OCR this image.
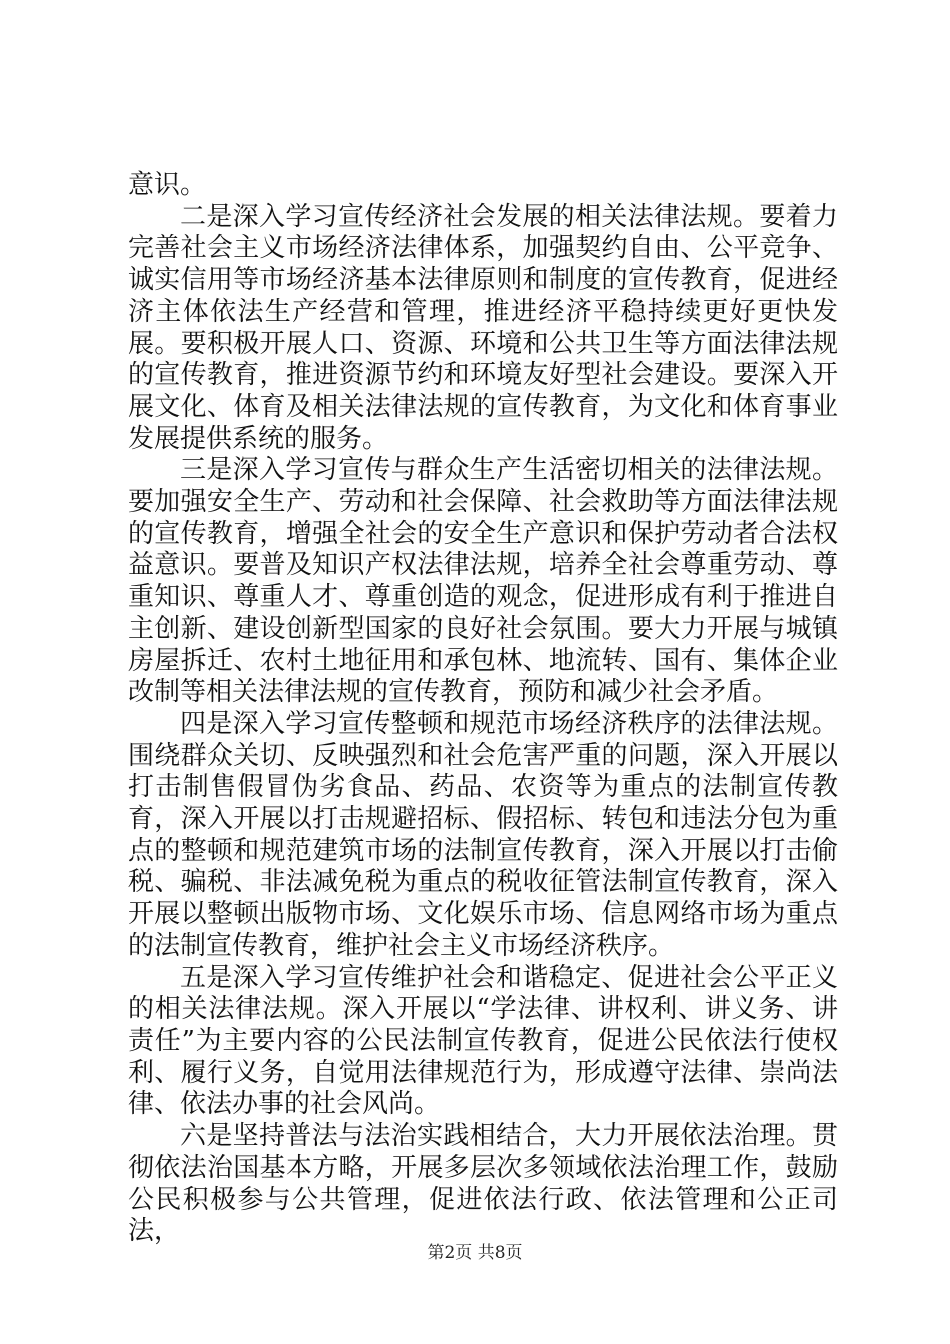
意识。

二是深入学习宣传经济社会发展的相关法律法规。要着力完善社会主义市场经济法律体系，加强契约自由、公平竞争、诚实信用等市场经济基本法律原则和制度的宣传教育，促进经济主体依法生产经营和管理，推进经济平稳持续更好更快发展。要积极开展人口、资源、环境和公共卫生等方面法律法规的宣传教育，推进资源节约和环境友好型社会建设。要深入开展文化、体育及相关法律法规的宣传教育，为文化和体育事业发展提供系统的服务。

三是深入学习宣传与群众生产生活密切相关的法律法规。要加强安全生产、劳动和社会保障、社会救助等方面法律法规的宣传教育，增强全社会的安全生产意识和保护劳动者合法权益意识。要普及知识产权法律法规，培养全社会尊重劳动、尊重知识、尊重人才、尊重创造的观念，促进形成有利于推进自主创新、建设创新型国家的良好社会氛围。要大力开展与城镇房屋拆迁、农村土地征用和承包林、地流转、国有、集体企业改制等相关法律法规的宣传教育，预防和减少社会矛盾。

四是深入学习宣传整顿和规范市场经济秩序的法律法规。围绕群众关切、反映强烈和社会危害严重的问题，深入开展以打击制售假冒伪劣食品、药品、农资等为重点的法制宣传教育，深入开展以打击规避招标、假招标、转包和违法分包为重点的整顿和规范建筑市场的法制宣传教育，深入开展以打击偷税、骗税、非法减免税为重点的税收征管法制宣传教育，深入开展以整顿出版物市场、文化娱乐市场、信息网络市场为重点的法制宣传教育，维护社会主义市场经济秩序。

五是深入学习宣传维护社会和谐稳定、促进社会公平正义的相关法律法规。深入开展以“学法律、讲权利、讲义务、讲责任”为主要内容的公民法制宣传教育，促进公民依法行使权利、履行义务，自觉用法律规范行为，形成遵守法律、崇尚法律、依法办事的社会风尚。

六是坚持普法与法治实践相结合，大力开展依法治理。贯彻依法治国基本方略，开展多层次多领域依法治理工作，鼓励公民积极参与公共管理，促进依法行政、依法管理和公正司法，

第2页 共8页
